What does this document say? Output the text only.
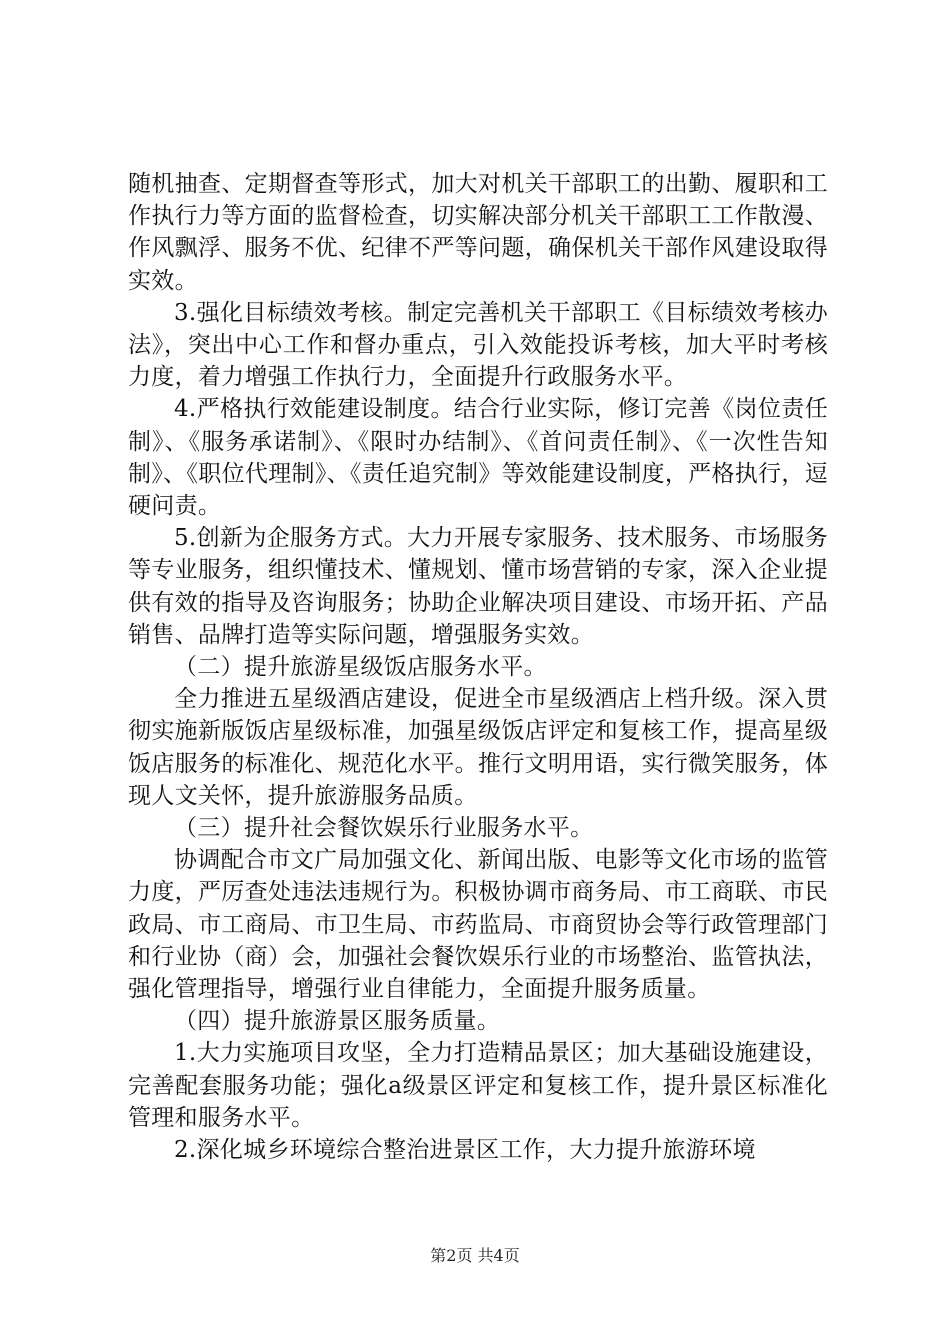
随机抽查、定期督查等形式，加大对机关干部职工的出勤、履职和工作执行力等方面的监督检查，切实解决部分机关干部职工工作散漫、作风飘浮、服务不优、纪律不严等问题，确保机关干部作风建设取得实效。

3.强化目标绩效考核。制定完善机关干部职工《目标绩效考核办法》，突出中心工作和督办重点，引入效能投诉考核，加大平时考核力度，着力增强工作执行力，全面提升行政服务水平。

4.严格执行效能建设制度。结合行业实际，修订完善《岗位责任制》、《服务承诺制》、《限时办结制》、《首问责任制》、《一次性告知制》、《职位代理制》、《责任追究制》等效能建设制度，严格执行，逗硬问责。

5.创新为企服务方式。大力开展专家服务、技术服务、市场服务等专业服务，组织懂技术、懂规划、懂市场营销的专家，深入企业提供有效的指导及咨询服务；协助企业解决项目建设、市场开拓、产品销售、品牌打造等实际问题，增强服务实效。

（二）提升旅游星级饭店服务水平。

全力推进五星级酒店建设，促进全市星级酒店上档升级。深入贯彻实施新版饭店星级标准，加强星级饭店评定和复核工作，提高星级饭店服务的标准化、规范化水平。推行文明用语，实行微笑服务，体现人文关怀，提升旅游服务品质。

（三）提升社会餐饮娱乐行业服务水平。

协调配合市文广局加强文化、新闻出版、电影等文化市场的监管力度，严厉查处违法违规行为。积极协调市商务局、市工商联、市民政局、市工商局、市卫生局、市药监局、市商贸协会等行政管理部门和行业协（商）会，加强社会餐饮娱乐行业的市场整治、监管执法，强化管理指导，增强行业自律能力，全面提升服务质量。

（四）提升旅游景区服务质量。

1.大力实施项目攻坚，全力打造精品景区；加大基础设施建设，完善配套服务功能；强化a级景区评定和复核工作，提升景区标准化管理和服务水平。

2.深化城乡环境综合整治进景区工作，大力提升旅游环境

第2页 共4页
